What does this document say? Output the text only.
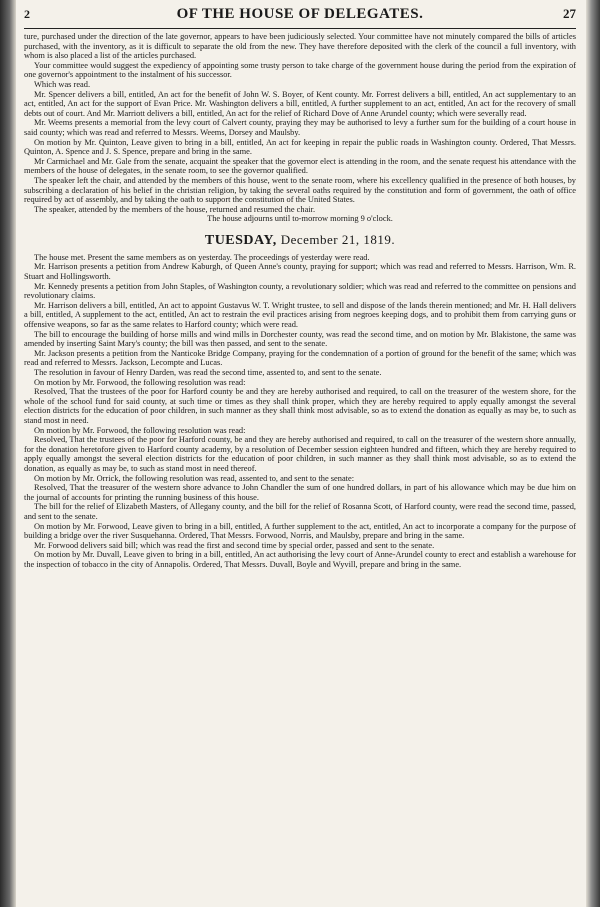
2	OF THE HOUSE OF DELEGATES.	27

ture, purchased under the direction of the late governor, appears to have been judiciously selected. Your committee have not minutely compared the bills of articles purchased, with the inventory, as it is difficult to separate the old from the new. They have therefore deposited with the clerk of the council a full inventory, with whom is also placed a list of the articles purchased.

Your committee would suggest the expediency of appointing some trusty person to take charge of the government house during the period from the expiration of one governor's appointment to the instalment of his successor.

Which was read.

Mr. Spencer delivers a bill, entitled, An act for the benefit of John W. S. Boyer, of Kent county. Mr. Forrest delivers a bill, entitled, An act supplementary to an act, entitled, An act for the support of Evan Price. Mr. Washington delivers a bill, entitled, A further supplement to an act, entitled, An act for the recovery of small debts out of court. And Mr. Marriott delivers a bill, entitled, An act for the relief of Richard Dove of Anne Arundel county; which were severally read.

Mr. Weems presents a memorial from the levy court of Calvert county, praying they may be authorised to levy a further sum for the building of a court house in said county; which was read and referred to Messrs. Weems, Dorsey and Maulsby.

On motion by Mr. Quinton, Leave given to bring in a bill, entitled, An act for keeping in repair the public roads in Washington county. Ordered, That Messrs. Quinton, A. Spence and J. S. Spence, prepare and bring in the same.

Mr Carmichael and Mr. Gale from the senate, acquaint the speaker that the governor elect is attending in the room, and the senate request his attendance with the members of the house of delegates, in the senate room, to see the governor qualified.

The speaker left the chair, and attended by the members of this house, went to the senate room, where his excellency qualified in the presence of both houses, by subscribing a declaration of his belief in the christian religion, by taking the several oaths required by the constitution and form of government, the oath of office required by act of assembly, and by taking the oath to support the constitution of the United States.

The speaker, attended by the members of the house, returned and resumed the chair.

The house adjourns until to-morrow morning 9 o'clock.

TUESDAY, December 21, 1819.

The house met. Present the same members as on yesterday. The proceedings of yesterday were read.

Mr. Harrison presents a petition from Andrew Kaburgh, of Queen Anne's county, praying for support; which was read and referred to Messrs. Harrison, Wm. R. Stuart and Hollingsworth.

Mr. Kennedy presents a petition from John Staples, of Washington county, a revolutionary soldier; which was read and referred to the committee on pensions and revolutionary claims.

Mr. Harrison delivers a bill, entitled, An act to appoint Gustavus W. T. Wright trustee, to sell and dispose of the lands therein mentioned; and Mr. H. Hall delivers a bill, entitled, A supplement to the act, entitled, An act to restrain the evil practices arising from negroes keeping dogs, and to prohibit them from carrying guns or offensive weapons, so far as the same relates to Harford county; which were read.

The bill to encourage the building of horse mills and wind mills in Dorchester county, was read the second time, and on motion by Mr. Blakistone, the same was amended by inserting Saint Mary's county; the bill was then passed, and sent to the senate.

Mr. Jackson presents a petition from the Nanticoke Bridge Company, praying for the condemnation of a portion of ground for the benefit of the same; which was read and referred to Messrs. Jackson, Lecompte and Lucas.

The resolution in favour of Henry Darden, was read the second time, assented to, and sent to the senate.

On motion by Mr. Forwood, the following resolution was read:

Resolved, That the trustees of the poor for Harford county be and they are hereby authorised and required, to call on the treasurer of the western shore, for the whole of the school fund for said county, at such time or times as they shall think proper, which they are hereby required to apply equally amongst the several election districts for the education of poor children, in such manner as they shall think most advisable, so as to extend the donation as equally as may be, to such as stand most in need.

On motion by Mr. Forwood, the following resolution was read:

Resolved, That the trustees of the poor for Harford county, be and they are hereby authorised and required, to call on the treasurer of the western shore annually, for the donation heretofore given to Harford county academy, by a resolution of December session eighteen hundred and fifteen, which they are hereby required to apply equally amongst the several election districts for the education of poor children, in such manner as they shall think most advisable, so as to extend the donation, as equally as may be, to such as stand most in need thereof.

On motion by Mr. Orrick, the following resolution was read, assented to, and sent to the senate:

Resolved, That the treasurer of the western shore advance to John Chandler the sum of one hundred dollars, in part of his allowance which may be due him on the journal of accounts for printing the running business of this house.

The bill for the relief of Elizabeth Masters, of Allegany county, and the bill for the relief of Rosanna Scott, of Harford county, were read the second time, passed, and sent to the senate.

On motion by Mr. Forwood, Leave given to bring in a bill, entitled, A further supplement to the act, entitled, An act to incorporate a company for the purpose of building a bridge over the river Susquehanna. Ordered, That Messrs. Forwood, Norris, and Maulsby, prepare and bring in the same.

Mr. Forwood delivers said bill; which was read the first and second time by special order, passed and sent to the senate.

On motion by Mr. Duvall, Leave given to bring in a bill, entitled, An act authorising the levy court of Anne-Arundel county to erect and establish a warehouse for the inspection of tobacco in the city of Annapolis. Ordered, That Messrs. Duvall, Boyle and Wyvill, prepare and bring in the same.
